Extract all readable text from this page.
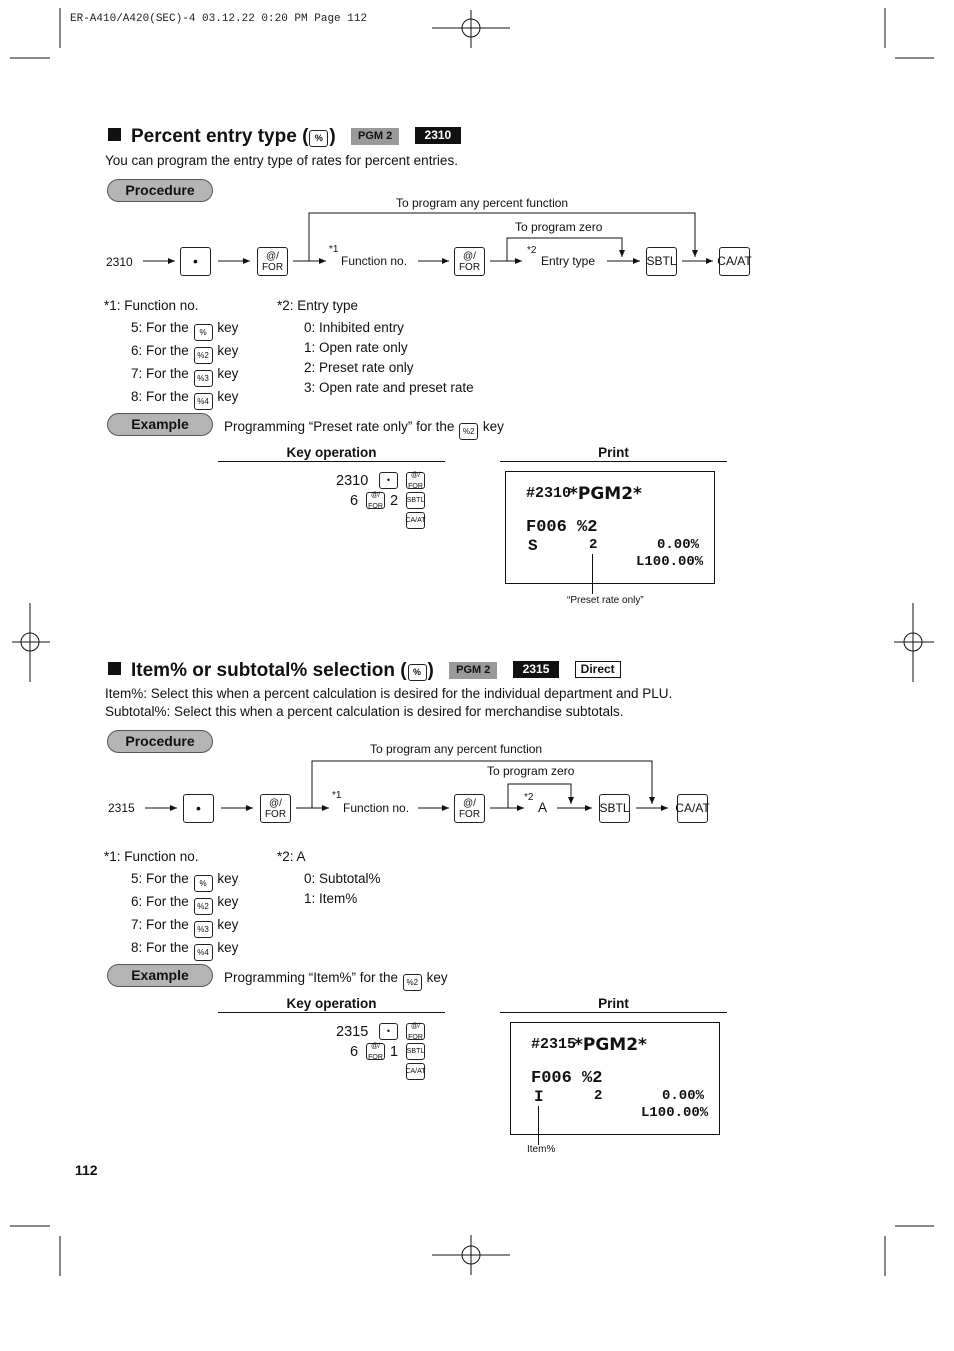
ER-A410/A420(SEC)-4 03.12.22 0:20 PM Page 112
Percent entry type ( % ) PGM 2	2310
You can program the entry type of rates for percent entries.
Procedure
To program any percent function
To program zero
2310	•	@/
FOR
*1
Function no.	@/
FOR
*2
Entry type	SBTL	CA/AT
*1: Function no.
5: For the % key
6: For the %2 key
7: For the %3 key
8: For the %4 key
*2: Entry type
0: Inhibited entry
1: Open rate only
2: Preset rate only
3: Open rate and preset rate
Example	Programming “Preset rate only” for the %2 key
Key operation	Print
2310	•	@/
FOR
6 @/
FOR 2 SBTL
CA/AT
#2310
*PGM2*
F006 %2
S	2	0.00%
L100.00%
“Preset rate only”
Item% or subtotal% selection ( % ) PGM 2	2315	Direct
Item%: Select this when a percent calculation is desired for the individual department and PLU.
Subtotal%: Select this when a percent calculation is desired for merchandise subtotals.
Procedure	To program any percent function
To program zero
2315	•	@/
FOR
*1
Function no.	@/
FOR
*2
A	SBTL	CA/AT
*1: Function no.
5: For the % key
6: For the %2 key
7: For the %3 key
8: For the %4 key
*2: A
0: Subtotal%
1: Item%
Example	Programming “Item%” for the %2 key
Key operation	Print
2315	•	@/
FOR
6 @/
FOR 1 SBTL
CA/AT
#2315
*PGM2*
F006 %2
I	2	0.00%
L100.00%
Item%
112
